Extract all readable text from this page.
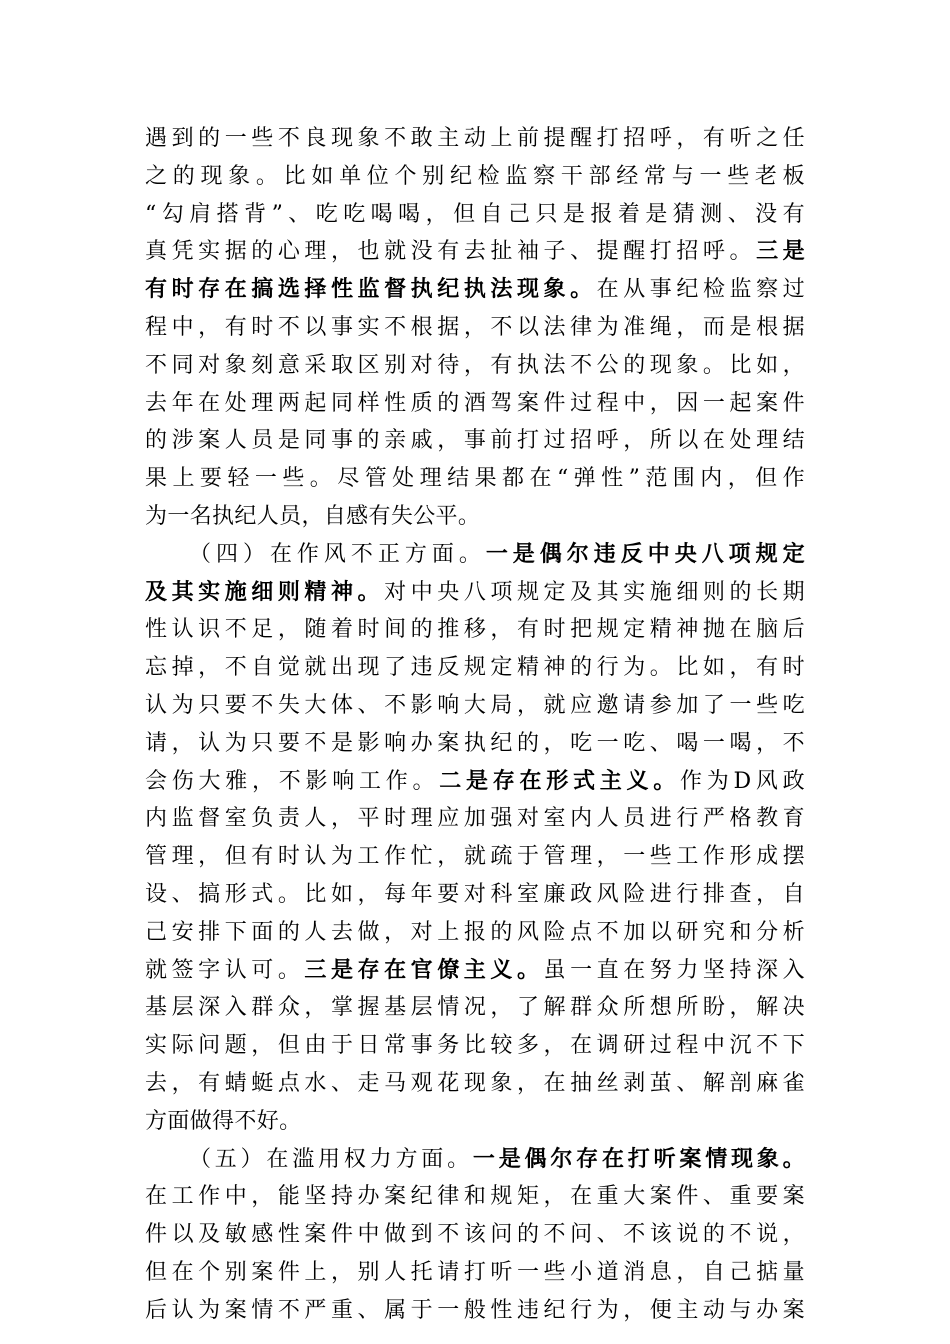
遇到的一些不良现象不敢主动上前提醒打招呼，有听之任
之的现象。比如单位个别纪检监察干部经常与一些老板
“勾肩搭背”、吃吃喝喝，但自己只是报着是猜测、没有
真凭实据的心理，也就没有去扯袖子、提醒打招呼。三是
有时存在搞选择性监督执纪执法现象。在从事纪检监察过
程中，有时不以事实不根据，不以法律为准绳，而是根据
不同对象刻意采取区别对待，有执法不公的现象。比如，
去年在处理两起同样性质的酒驾案件过程中，因一起案件
的涉案人员是同事的亲戚，事前打过招呼，所以在处理结
果上要轻一些。尽管处理结果都在“弹性”范围内，但作
为一名执纪人员，自感有失公平。
（四）在作风不正方面。一是偶尔违反中央八项规定
及其实施细则精神。对中央八项规定及其实施细则的长期
性认识不足，随着时间的推移，有时把规定精神抛在脑后
忘掉，不自觉就出现了违反规定精神的行为。比如，有时
认为只要不失大体、不影响大局，就应邀请参加了一些吃
请，认为只要不是影响办案执纪的，吃一吃、喝一喝，不
会伤大雅，不影响工作。二是存在形式主义。作为D风政
内监督室负责人，平时理应加强对室内人员进行严格教育
管理，但有时认为工作忙，就疏于管理，一些工作形成摆
设、搞形式。比如，每年要对科室廉政风险进行排查，自
己安排下面的人去做，对上报的风险点不加以研究和分析
就签字认可。三是存在官僚主义。虽一直在努力坚持深入
基层深入群众，掌握基层情况，了解群众所想所盼，解决
实际问题，但由于日常事务比较多，在调研过程中沉不下
去，有蜻蜓点水、走马观花现象，在抽丝剥茧、解剖麻雀
方面做得不好。
（五）在滥用权力方面。一是偶尔存在打听案情现象。
在工作中，能坚持办案纪律和规矩，在重大案件、重要案
件以及敏感性案件中做到不该问的不问、不该说的不说，
但在个别案件上，别人托请打听一些小道消息，自己掂量
后认为案情不严重、属于一般性违纪行为，便主动与办案
